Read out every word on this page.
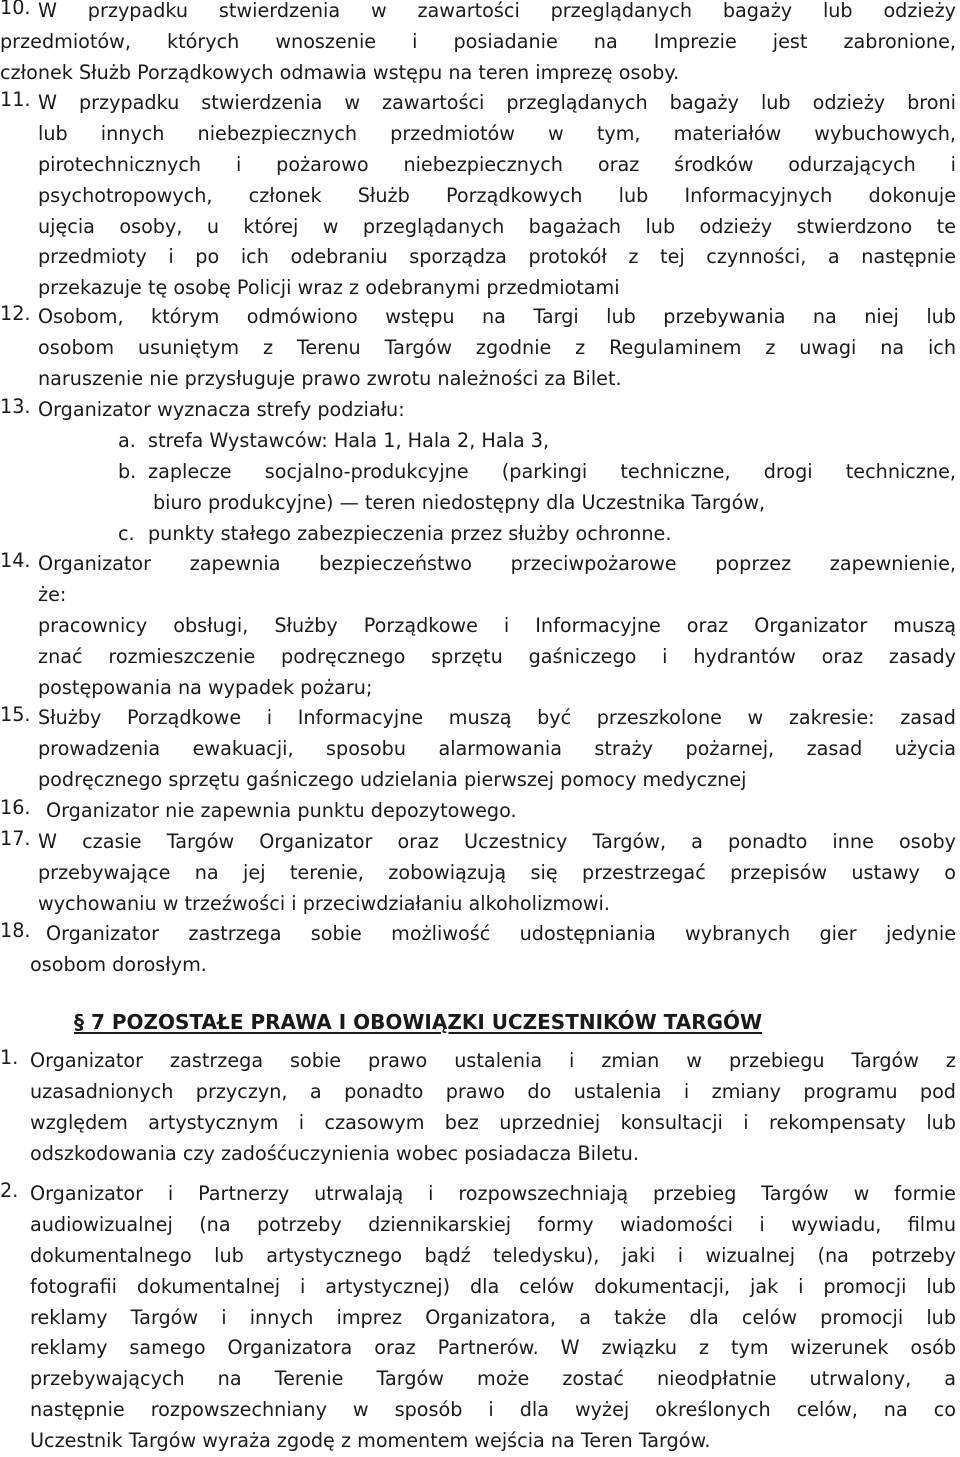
10. W przypadku stwierdzenia w zawartości przeglądanych bagaży lub odzieży
przedmiotów, których wnoszenie i posiadanie na Imprezie jest zabronione,
członek Służb Porządkowych odmawia wstępu na teren imprezę osoby.
11. W przypadku stwierdzenia w zawartości przeglądanych bagaży lub odzieży broni
lub innych niebezpiecznych przedmiotów w tym, materiałów wybuchowych,
pirotechnicznych i pożarowo niebezpiecznych oraz środków odurzających i
psychotropowych, członek Służb Porządkowych lub Informacyjnych dokonuje
ujęcia osoby, u której w przeglądanych bagażach lub odzieży stwierdzono te
przedmioty i po ich odebraniu sporządza protokół z tej czynności, a następnie
przekazuje tę osobę Policji wraz z odebranymi przedmiotami
12. Osobom, którym odmówiono wstępu na Targi lub przebywania na niej lub
osobom usuniętym z Terenu Targów zgodnie z Regulaminem z uwagi na ich
naruszenie nie przysługuje prawo zwrotu należności za Bilet.
13. Organizator wyznacza strefy podziału:
a. strefa Wystawców: Hala 1, Hala 2, Hala 3,
b. zaplecze socjalno-produkcyjne (parkingi techniczne, drogi techniczne,
biuro produkcyjne) — teren niedostępny dla Uczestnika Targów,
c. punkty stałego zabezpieczenia przez służby ochronne.
14. Organizator zapewnia bezpieczeństwo przeciwpożarowe poprzez zapewnienie,
że:
pracownicy obsługi, Służby Porządkowe i Informacyjne oraz Organizator muszą
znać rozmieszczenie podręcznego sprzętu gaśniczego i hydrantów oraz zasady
postępowania na wypadek pożaru;
15. Służby Porządkowe i Informacyjne muszą być przeszkolone w zakresie: zasad
prowadzenia ewakuacji, sposobu alarmowania straży pożarnej, zasad użycia
podręcznego sprzętu gaśniczego udzielania pierwszej pomocy medycznej
16. Organizator nie zapewnia punktu depozytowego.
17. W czasie Targów Organizator oraz Uczestnicy Targów, a ponadto inne osoby
przebywające na jej terenie, zobowiązują się przestrzegać przepisów ustawy o
wychowaniu w trzeźwości i przeciwdziałaniu alkoholizmowi.
18. Organizator zastrzega sobie możliwość udostępniania wybranych gier jedynie
osobom dorosłym.
§ 7 POZOSTAŁE PRAWA I OBOWIĄZKI UCZESTNIKÓW TARGÓW
1. Organizator zastrzega sobie prawo ustalenia i zmian w przebiegu Targów z
uzasadnionych przyczyn, a ponadto prawo do ustalenia i zmiany programu pod
względem artystycznym i czasowym bez uprzedniej konsultacji i rekompensaty lub
odszkodowania czy zadośćuczynienia wobec posiadacza Biletu.
2. Organizator i Partnerzy utrwalają i rozpowszechniają przebieg Targów w formie
audiowizualnej (na potrzeby dziennikarskiej formy wiadomości i wywiadu, filmu
dokumentalnego lub artystycznego bądź teledysku), jaki i wizualnej (na potrzeby
fotografii dokumentalnej i artystycznej) dla celów dokumentacji, jak i promocji lub
reklamy Targów i innych imprez Organizatora, a także dla celów promocji lub
reklamy samego Organizatora oraz Partnerów. W związku z tym wizerunek osób
przebywających na Terenie Targów może zostać nieodpłatnie utrwalony, a
następnie rozpowszechniany w sposób i dla wyżej określonych celów, na co
Uczestnik Targów wyraża zgodę z momentem wejścia na Teren Targów.
